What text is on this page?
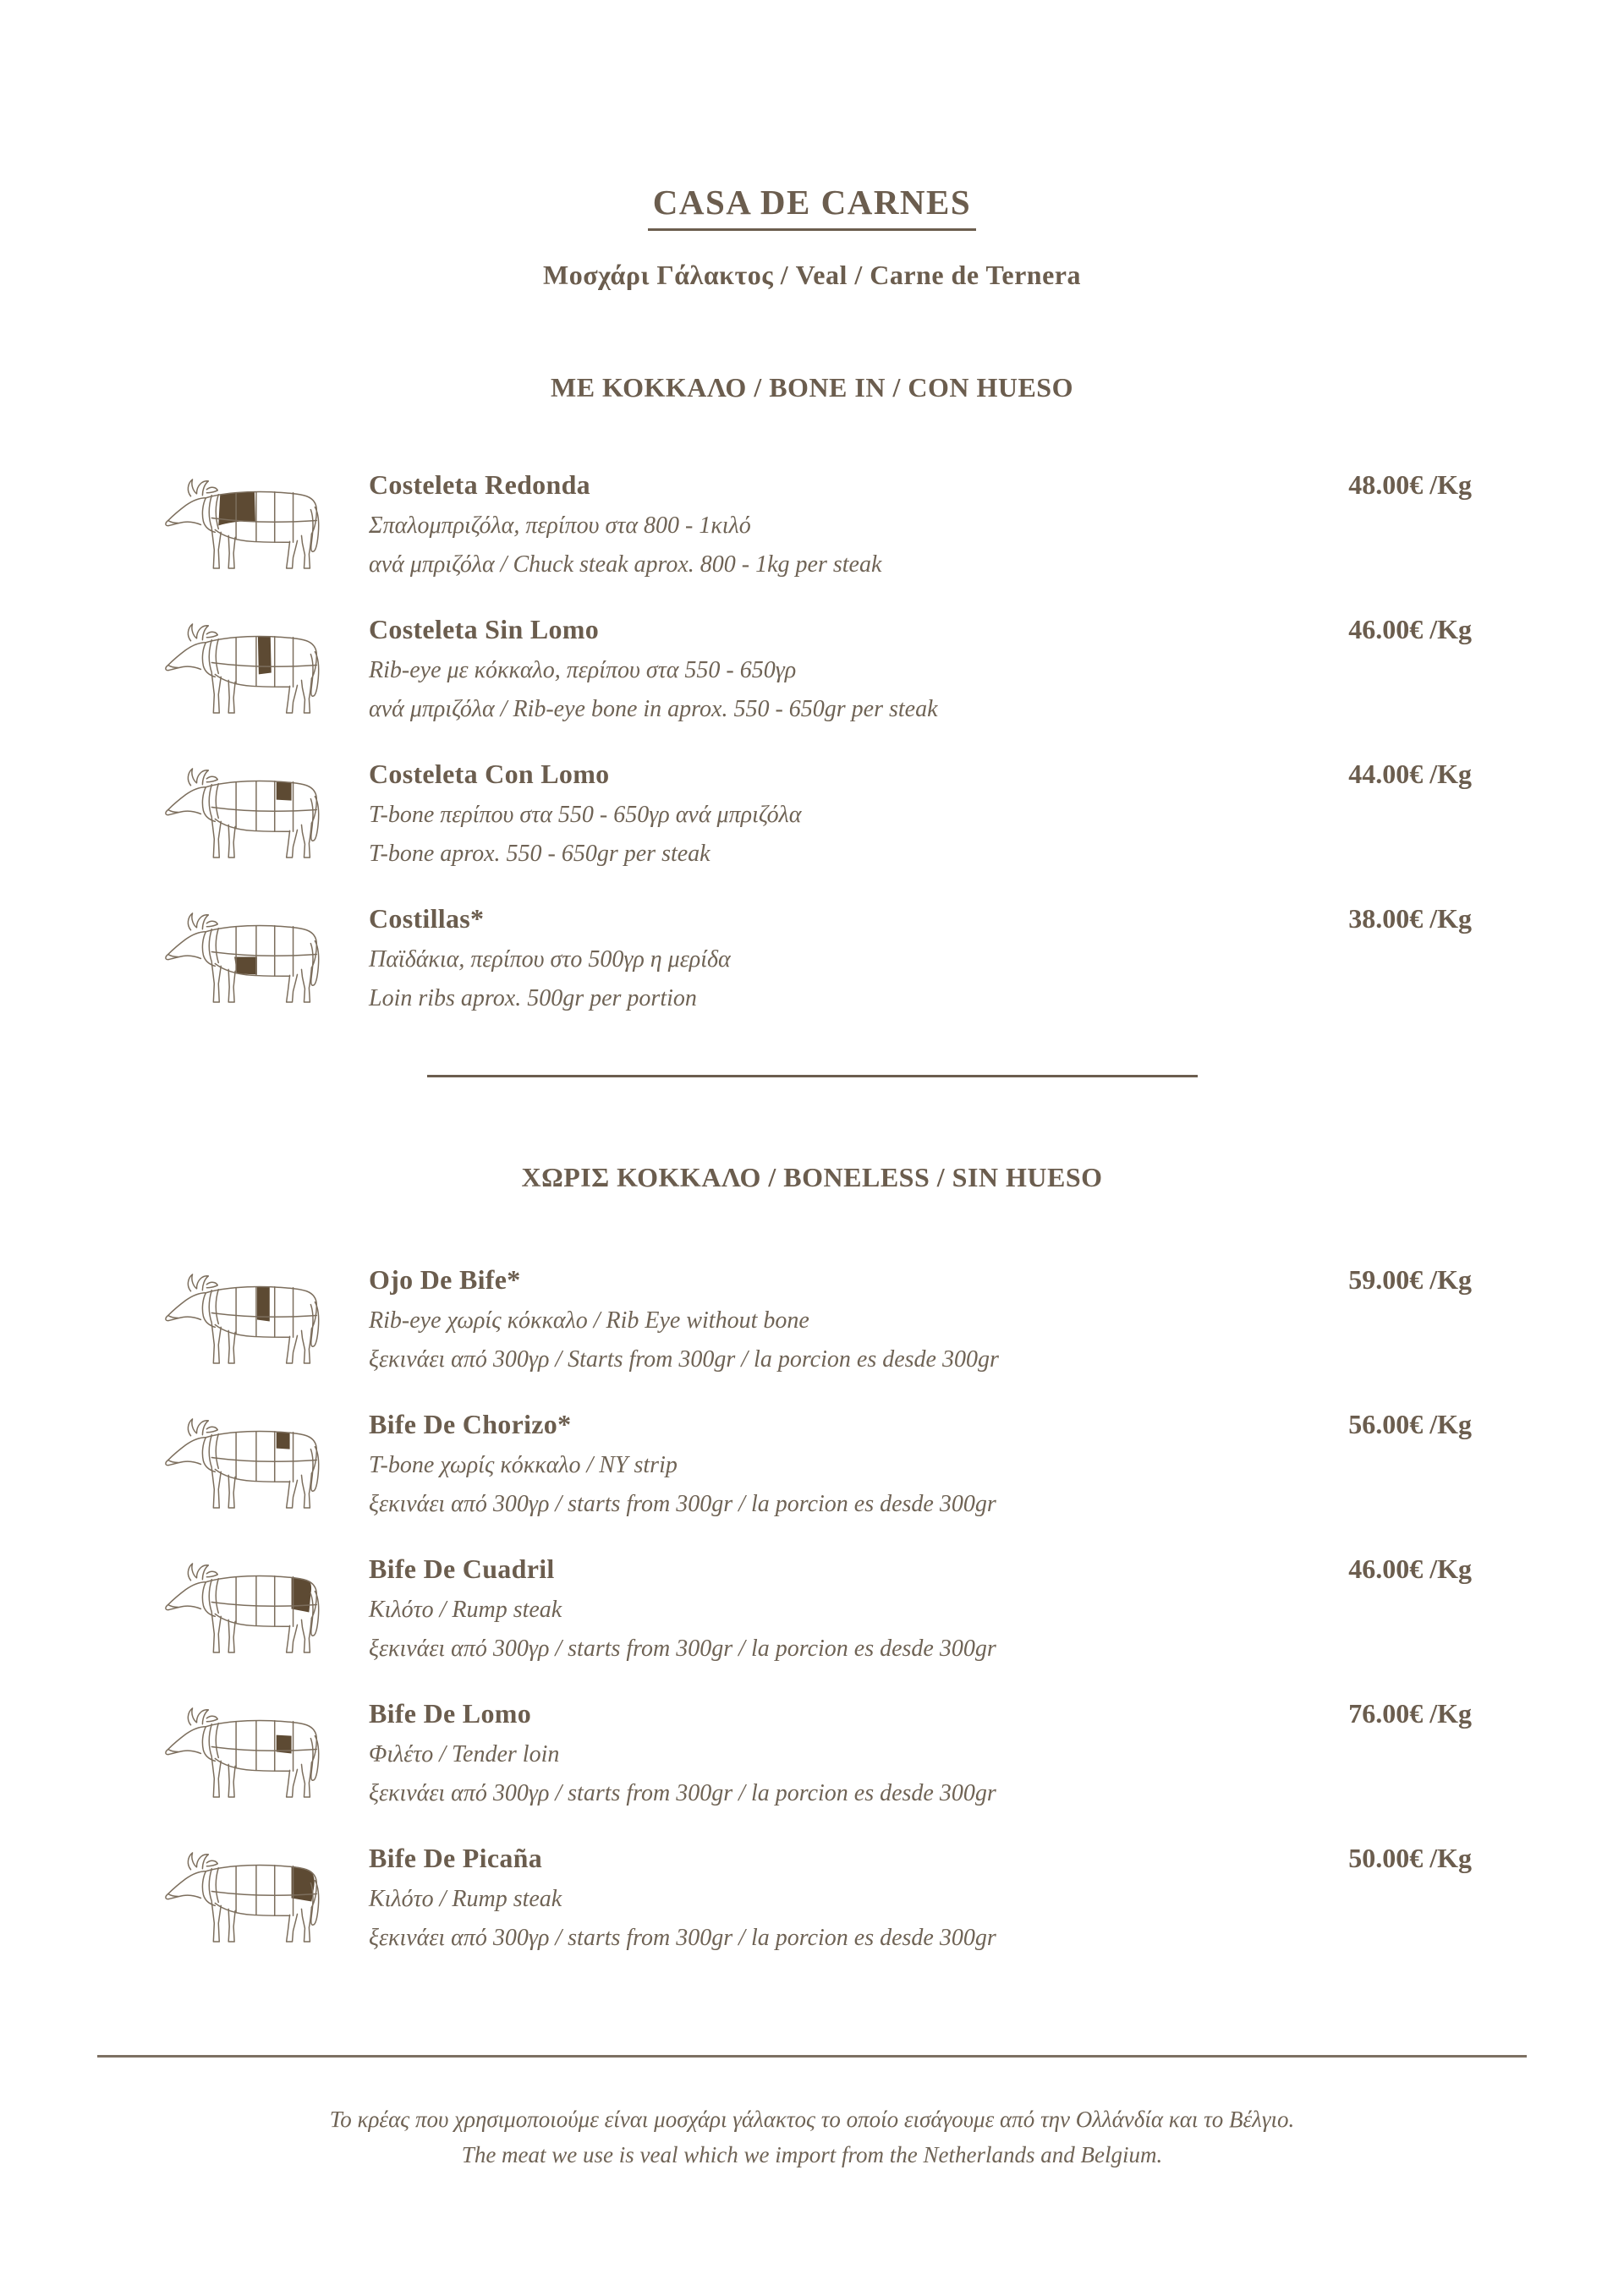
CASA DE CARNES
Μοσχάρι Γάλακτος / Veal / Carne de Ternera
ΜΕ ΚΟΚΚΑΛΟ / BONE IN / CON HUESO
Costeleta Redonda	48.00€ /Kg
Σπαλομπριζόλα, περίπου στα 800 - 1κιλό
ανά μπριζόλα / Chuck steak aprox. 800 - 1kg per steak
Costeleta Sin Lomo	46.00€ /Kg
Rib-eye με κόκκαλο, περίπου στα 550 - 650γρ
ανά μπριζόλα / Rib-eye bone in aprox. 550 - 650gr per steak
Costeleta Con Lomo	44.00€ /Kg
T-bone περίπου στα 550 - 650γρ ανά μπριζόλα
T-bone aprox. 550 - 650gr per steak
Costillas*	38.00€ /Kg
Παϊδάκια, περίπου στο 500γρ η μερίδα
Loin ribs aprox. 500gr per portion
ΧΩΡΙΣ ΚΟΚΚΑΛΟ / BONELESS / SIN HUESO
Ojo De Bife*	59.00€ /Kg
Rib-eye χωρίς κόκκαλο / Rib Eye without bone
ξεκινάει από 300γρ / Starts from 300gr / la porcion es desde 300gr
Bife De Chorizo*	56.00€ /Kg
T-bone χωρίς κόκκαλο / NY strip
ξεκινάει από 300γρ / starts from 300gr / la porcion es desde 300gr
Bife De Cuadril	46.00€ /Kg
Κιλότο / Rump steak
ξεκινάει από 300γρ / starts from 300gr / la porcion es desde 300gr
Bife De Lomo	76.00€ /Kg
Φιλέτο / Tender loin
ξεκινάει από 300γρ / starts from 300gr / la porcion es desde 300gr
Bife De Picaña	50.00€ /Kg
Κιλότο / Rump steak
ξεκινάει από 300γρ / starts from 300gr / la porcion es desde 300gr
Το κρέας που χρησιμοποιούμε είναι μοσχάρι γάλακτος το οποίο εισάγουμε από την Ολλάνδία και το Βέλγιο.
The meat we use is veal which we import from the Netherlands and Belgium.
